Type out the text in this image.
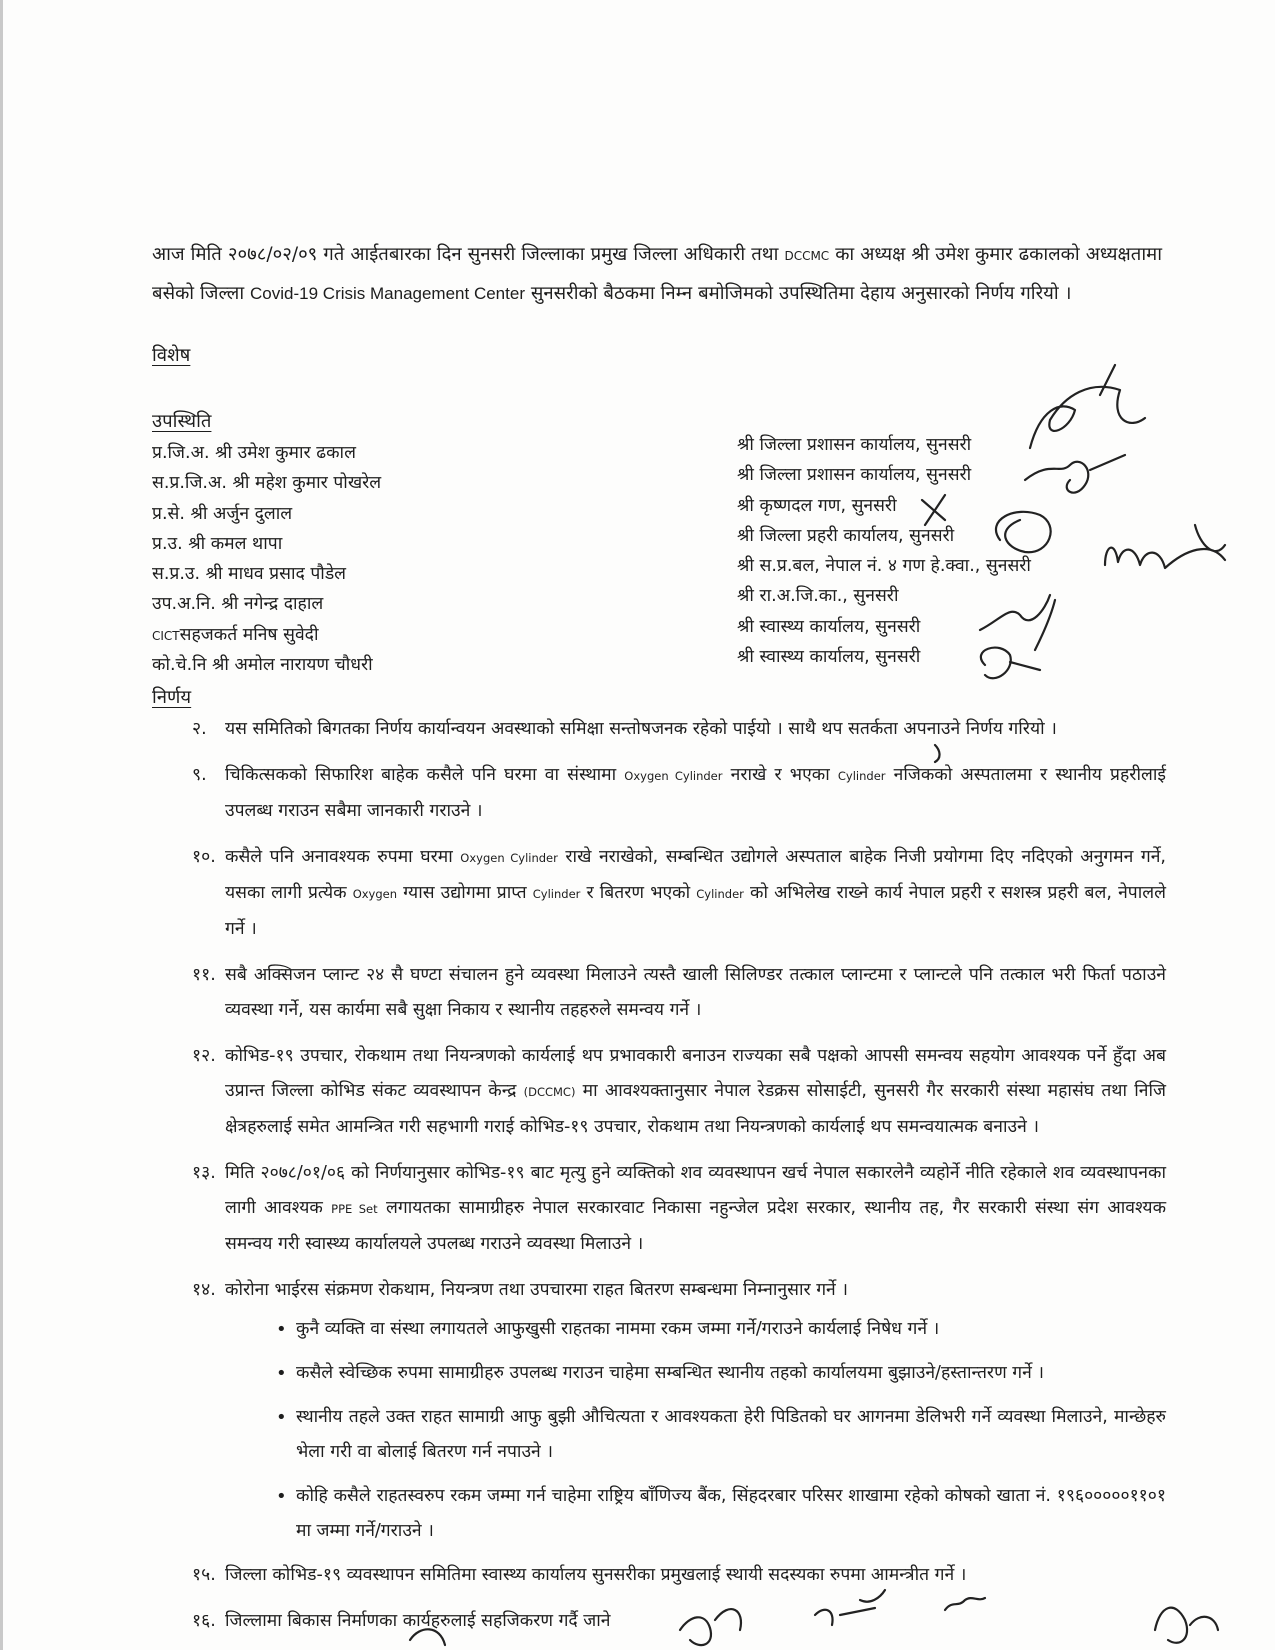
आज मिति २०७८/०२/०९ गते आईतबारका दिन सुनसरी जिल्लाका प्रमुख जिल्ला अधिकारी तथा DCCMC का अध्यक्ष श्री उमेश कुमार ढकालको अध्यक्षतामा बसेको जिल्ला Covid-19 Crisis Management Center सुनसरीको बैठकमा निम्न बमोजिमको उपस्थितिमा देहाय अनुसारको निर्णय गरियो ।
विशेष
उपस्थिति
प्र.जि.अ. श्री उमेश कुमार ढकाल
स.प्र.जि.अ. श्री महेश कुमार पोखरेल
प्र.से. श्री अर्जुन दुलाल
प्र.उ. श्री कमल थापा
स.प्र.उ. श्री माधव प्रसाद पौडेल
उप.अ.नि. श्री नगेन्द्र दाहाल
CICTसहजकर्त मनिष सुवेदी
को.चे.नि श्री अमोल नारायण चौधरी
श्री जिल्ला प्रशासन कार्यालय, सुनसरी
श्री जिल्ला प्रशासन कार्यालय, सुनसरी
श्री कृष्णदल गण, सुनसरी
श्री जिल्ला प्रहरी कार्यालय, सुनसरी
श्री स.प्र.बल, नेपाल नं. ४ गण हे.क्वा., सुनसरी
श्री रा.अ.जि.का., सुनसरी
श्री स्वास्थ्य कार्यालय, सुनसरी
श्री स्वास्थ्य कार्यालय, सुनसरी
निर्णय
२. यस समितिको बिगतका निर्णय कार्यान्वयन अवस्थाको समिक्षा सन्तोषजनक रहेको पाईयो । साथै थप सतर्कता अपनाउने निर्णय गरियो ।
९. चिकित्सकको सिफारिश बाहेक कसैले पनि घरमा वा संस्थामा Oxygen Cylinder नराखे र भएका Cylinder नजिकको अस्पतालमा र स्थानीय प्रहरीलाई उपलब्ध गराउन सबैमा जानकारी गराउने ।
१०. कसैले पनि अनावश्यक रुपमा घरमा Oxygen Cylinder राखे नराखेको, सम्बन्धित उद्योगले अस्पताल बाहेक निजी प्रयोगमा दिए नदिएको अनुगमन गर्ने, यसका लागी प्रत्येक Oxygen ग्यास उद्योगमा प्राप्त Cylinder र बितरण भएको Cylinder को अभिलेख राख्ने कार्य नेपाल प्रहरी र सशस्त्र प्रहरी बल, नेपालले गर्ने ।
११. सबै अक्सिजन प्लान्ट २४ सै घण्टा संचालन हुने व्यवस्था मिलाउने त्यस्तै खाली सिलिण्डर तत्काल प्लान्टमा र प्लान्टले पनि तत्काल भरी फिर्ता पठाउने व्यवस्था गर्ने, यस कार्यमा सबै सुक्षा निकाय र स्थानीय तहहरुले समन्वय गर्ने ।
१२. कोभिड-१९ उपचार, रोकथाम तथा नियन्त्रणको कार्यलाई थप प्रभावकारी बनाउन राज्यका सबै पक्षको आपसी समन्वय सहयोग आवश्यक पर्ने हुँदा अब उप्रान्त जिल्ला कोभिड संकट व्यवस्थापन केन्द्र (DCCMC) मा आवश्यक्तानुसार नेपाल रेडक्रस सोसाईटी, सुनसरी गैर सरकारी संस्था महासंघ तथा निजि क्षेत्रहरुलाई समेत आमन्त्रित गरी सहभागी गराई कोभिड-१९ उपचार, रोकथाम तथा नियन्त्रणको कार्यलाई थप समन्वयात्मक बनाउने ।
१३. मिति २०७८/०१/०६ को निर्णयानुसार कोभिड-१९ बाट मृत्यु हुने व्यक्तिको शव व्यवस्थापन खर्च नेपाल सकारलेनै व्यहोर्ने नीति रहेकाले शव व्यवस्थापनका लागी आवश्यक PPE Set लगायतका सामाग्रीहरु नेपाल सरकारवाट निकासा नहुन्जेल प्रदेश सरकार, स्थानीय तह, गैर सरकारी संस्था संग आवश्यक समन्वय गरी स्वास्थ्य कार्यालयले उपलब्ध गराउने व्यवस्था मिलाउने ।
१४. कोरोना भाईरस संक्रमण रोकथाम, नियन्त्रण तथा उपचारमा राहत बितरण सम्बन्धमा निम्नानुसार गर्ने ।
• कुनै व्यक्ति वा संस्था लगायतले आफुखुसी राहतका नाममा रकम जम्मा गर्ने/गराउने कार्यलाई निषेध गर्ने ।
• कसैले स्वेच्छिक रुपमा सामाग्रीहरु उपलब्ध गराउन चाहेमा सम्बन्धित स्थानीय तहको कार्यालयमा बुझाउने/हस्तान्तरण गर्ने ।
• स्थानीय तहले उक्त राहत सामाग्री आफु बुझी औचित्यता र आवश्यकता हेरी पिडितको घर आगनमा डेलिभरी गर्ने व्यवस्था मिलाउने, मान्छेहरु भेला गरी वा बोलाई बितरण गर्न नपाउने ।
• कोहि कसैले राहतस्वरुप रकम जम्मा गर्न चाहेमा राष्ट्रिय बाँणिज्य बैंक, सिंहदरबार परिसर शाखामा रहेको कोषको खाता नं. १९६०००००११०१ मा जम्मा गर्ने/गराउने ।
१५. जिल्ला कोभिड-१९ व्यवस्थापन समितिमा स्वास्थ्य कार्यालय सुनसरीका प्रमुखलाई स्थायी सदस्यका रुपमा आमन्त्रीत गर्ने ।
१६. जिल्लामा बिकास निर्माणका कार्यहरुलाई सहजिकरण गर्दै जाने
